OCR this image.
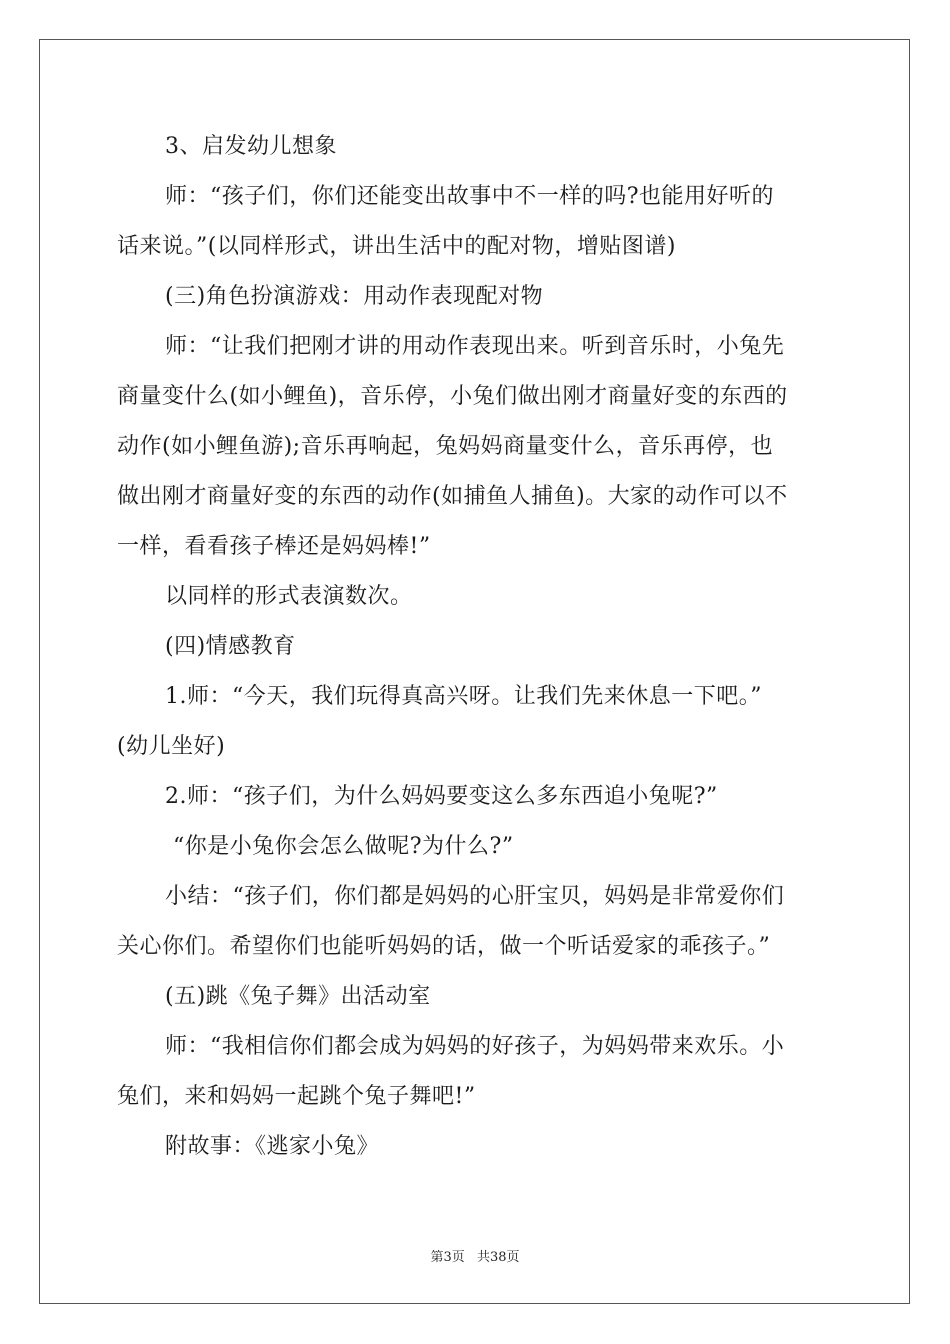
3、启发幼儿想象
师：“孩子们，你们还能变出故事中不一样的吗?也能用好听的
话来说。”(以同样形式，讲出生活中的配对物，增贴图谱)
(三)角色扮演游戏：用动作表现配对物
师：“让我们把刚才讲的用动作表现出来。听到音乐时，小兔先
商量变什么(如小鲤鱼)，音乐停，小兔们做出刚才商量好变的东西的
动作(如小鲤鱼游);音乐再响起，兔妈妈商量变什么，音乐再停，也
做出刚才商量好变的东西的动作(如捕鱼人捕鱼)。大家的动作可以不
一样，看看孩子棒还是妈妈棒!”
以同样的形式表演数次。
(四)情感教育
1.师：“今天，我们玩得真高兴呀。让我们先来休息一下吧。”
(幼儿坐好)
2.师：“孩子们，为什么妈妈要变这么多东西追小兔呢?”
“你是小兔你会怎么做呢?为什么?”
小结：“孩子们，你们都是妈妈的心肝宝贝，妈妈是非常爱你们
关心你们。希望你们也能听妈妈的话，做一个听话爱家的乖孩子。”
(五)跳《兔子舞》出活动室
师：“我相信你们都会成为妈妈的好孩子，为妈妈带来欢乐。小
兔们，来和妈妈一起跳个兔子舞吧!”
附故事：《逃家小兔》
第3页 共38页
